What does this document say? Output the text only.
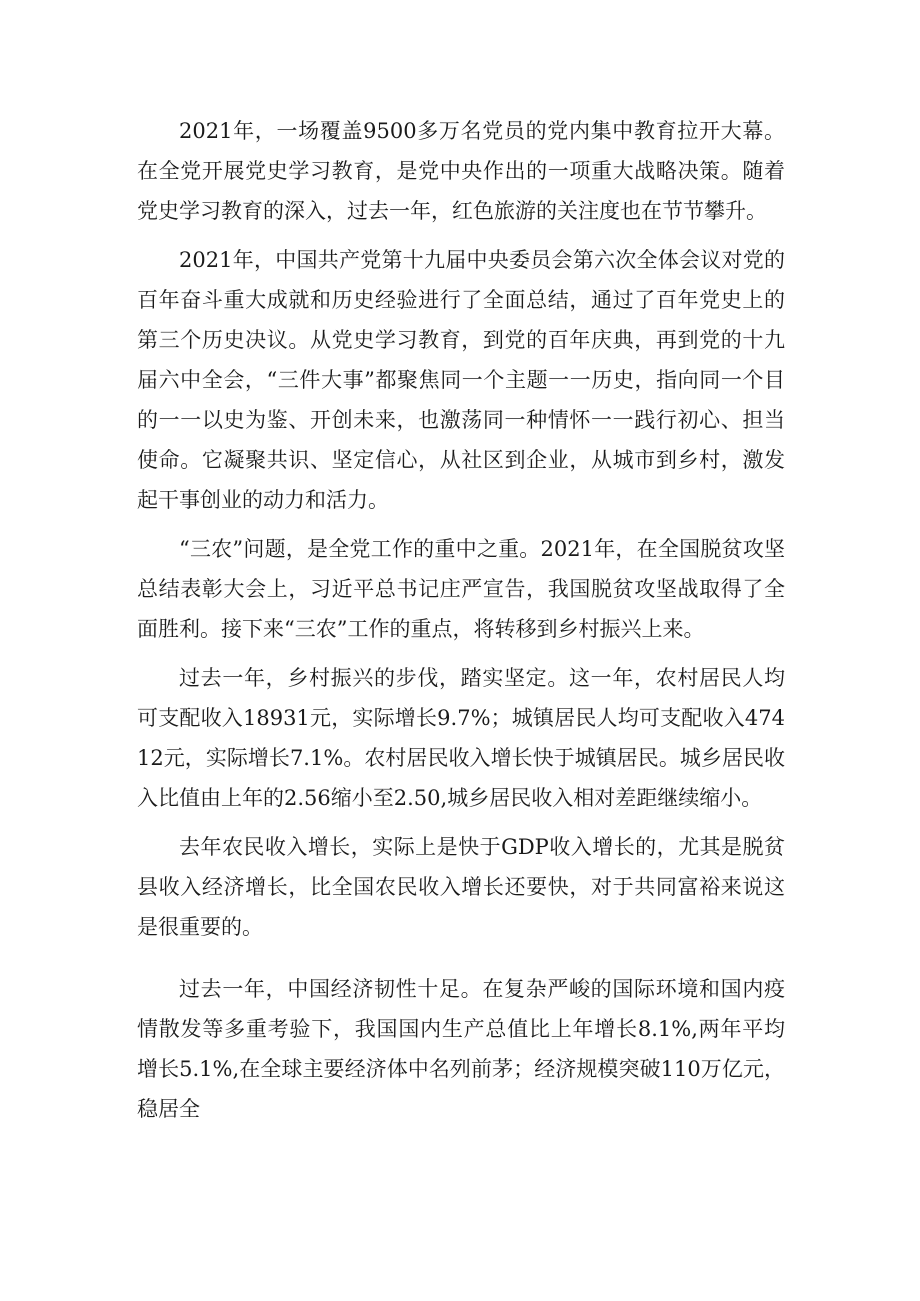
2021年，一场覆盖9500多万名党员的党内集中教育拉开大幕。在全党开展党史学习教育，是党中央作出的一项重大战略决策。随着党史学习教育的深入，过去一年，红色旅游的关注度也在节节攀升。

2021年，中国共产党第十九届中央委员会第六次全体会议对党的百年奋斗重大成就和历史经验进行了全面总结，通过了百年党史上的第三个历史决议。从党史学习教育，到党的百年庆典，再到党的十九届六中全会，“三件大事”都聚焦同一个主题一一历史，指向同一个目的一一以史为鉴、开创未来，也激荡同一种情怀一一践行初心、担当使命。它凝聚共识、坚定信心，从社区到企业，从城市到乡村，激发起干事创业的动力和活力。

“三农”问题，是全党工作的重中之重。2021年，在全国脱贫攻坚总结表彰大会上，习近平总书记庄严宣告，我国脱贫攻坚战取得了全面胜利。接下来“三农”工作的重点，将转移到乡村振兴上来。

过去一年，乡村振兴的步伐，踏实坚定。这一年，农村居民人均可支配收入18931元，实际增长9.7%；城镇居民人均可支配收入47412元，实际增长7.1%。农村居民收入增长快于城镇居民。城乡居民收入比值由上年的2.56缩小至2.50,城乡居民收入相对差距继续缩小。

去年农民收入增长，实际上是快于GDP收入增长的，尤其是脱贫县收入经济增长，比全国农民收入增长还要快，对于共同富裕来说这是很重要的。

过去一年，中国经济韧性十足。在复杂严峻的国际环境和国内疫情散发等多重考验下，我国国内生产总值比上年增长8.1%,两年平均增长5.1%,在全球主要经济体中名列前茅；经济规模突破110万亿元，稳居全
